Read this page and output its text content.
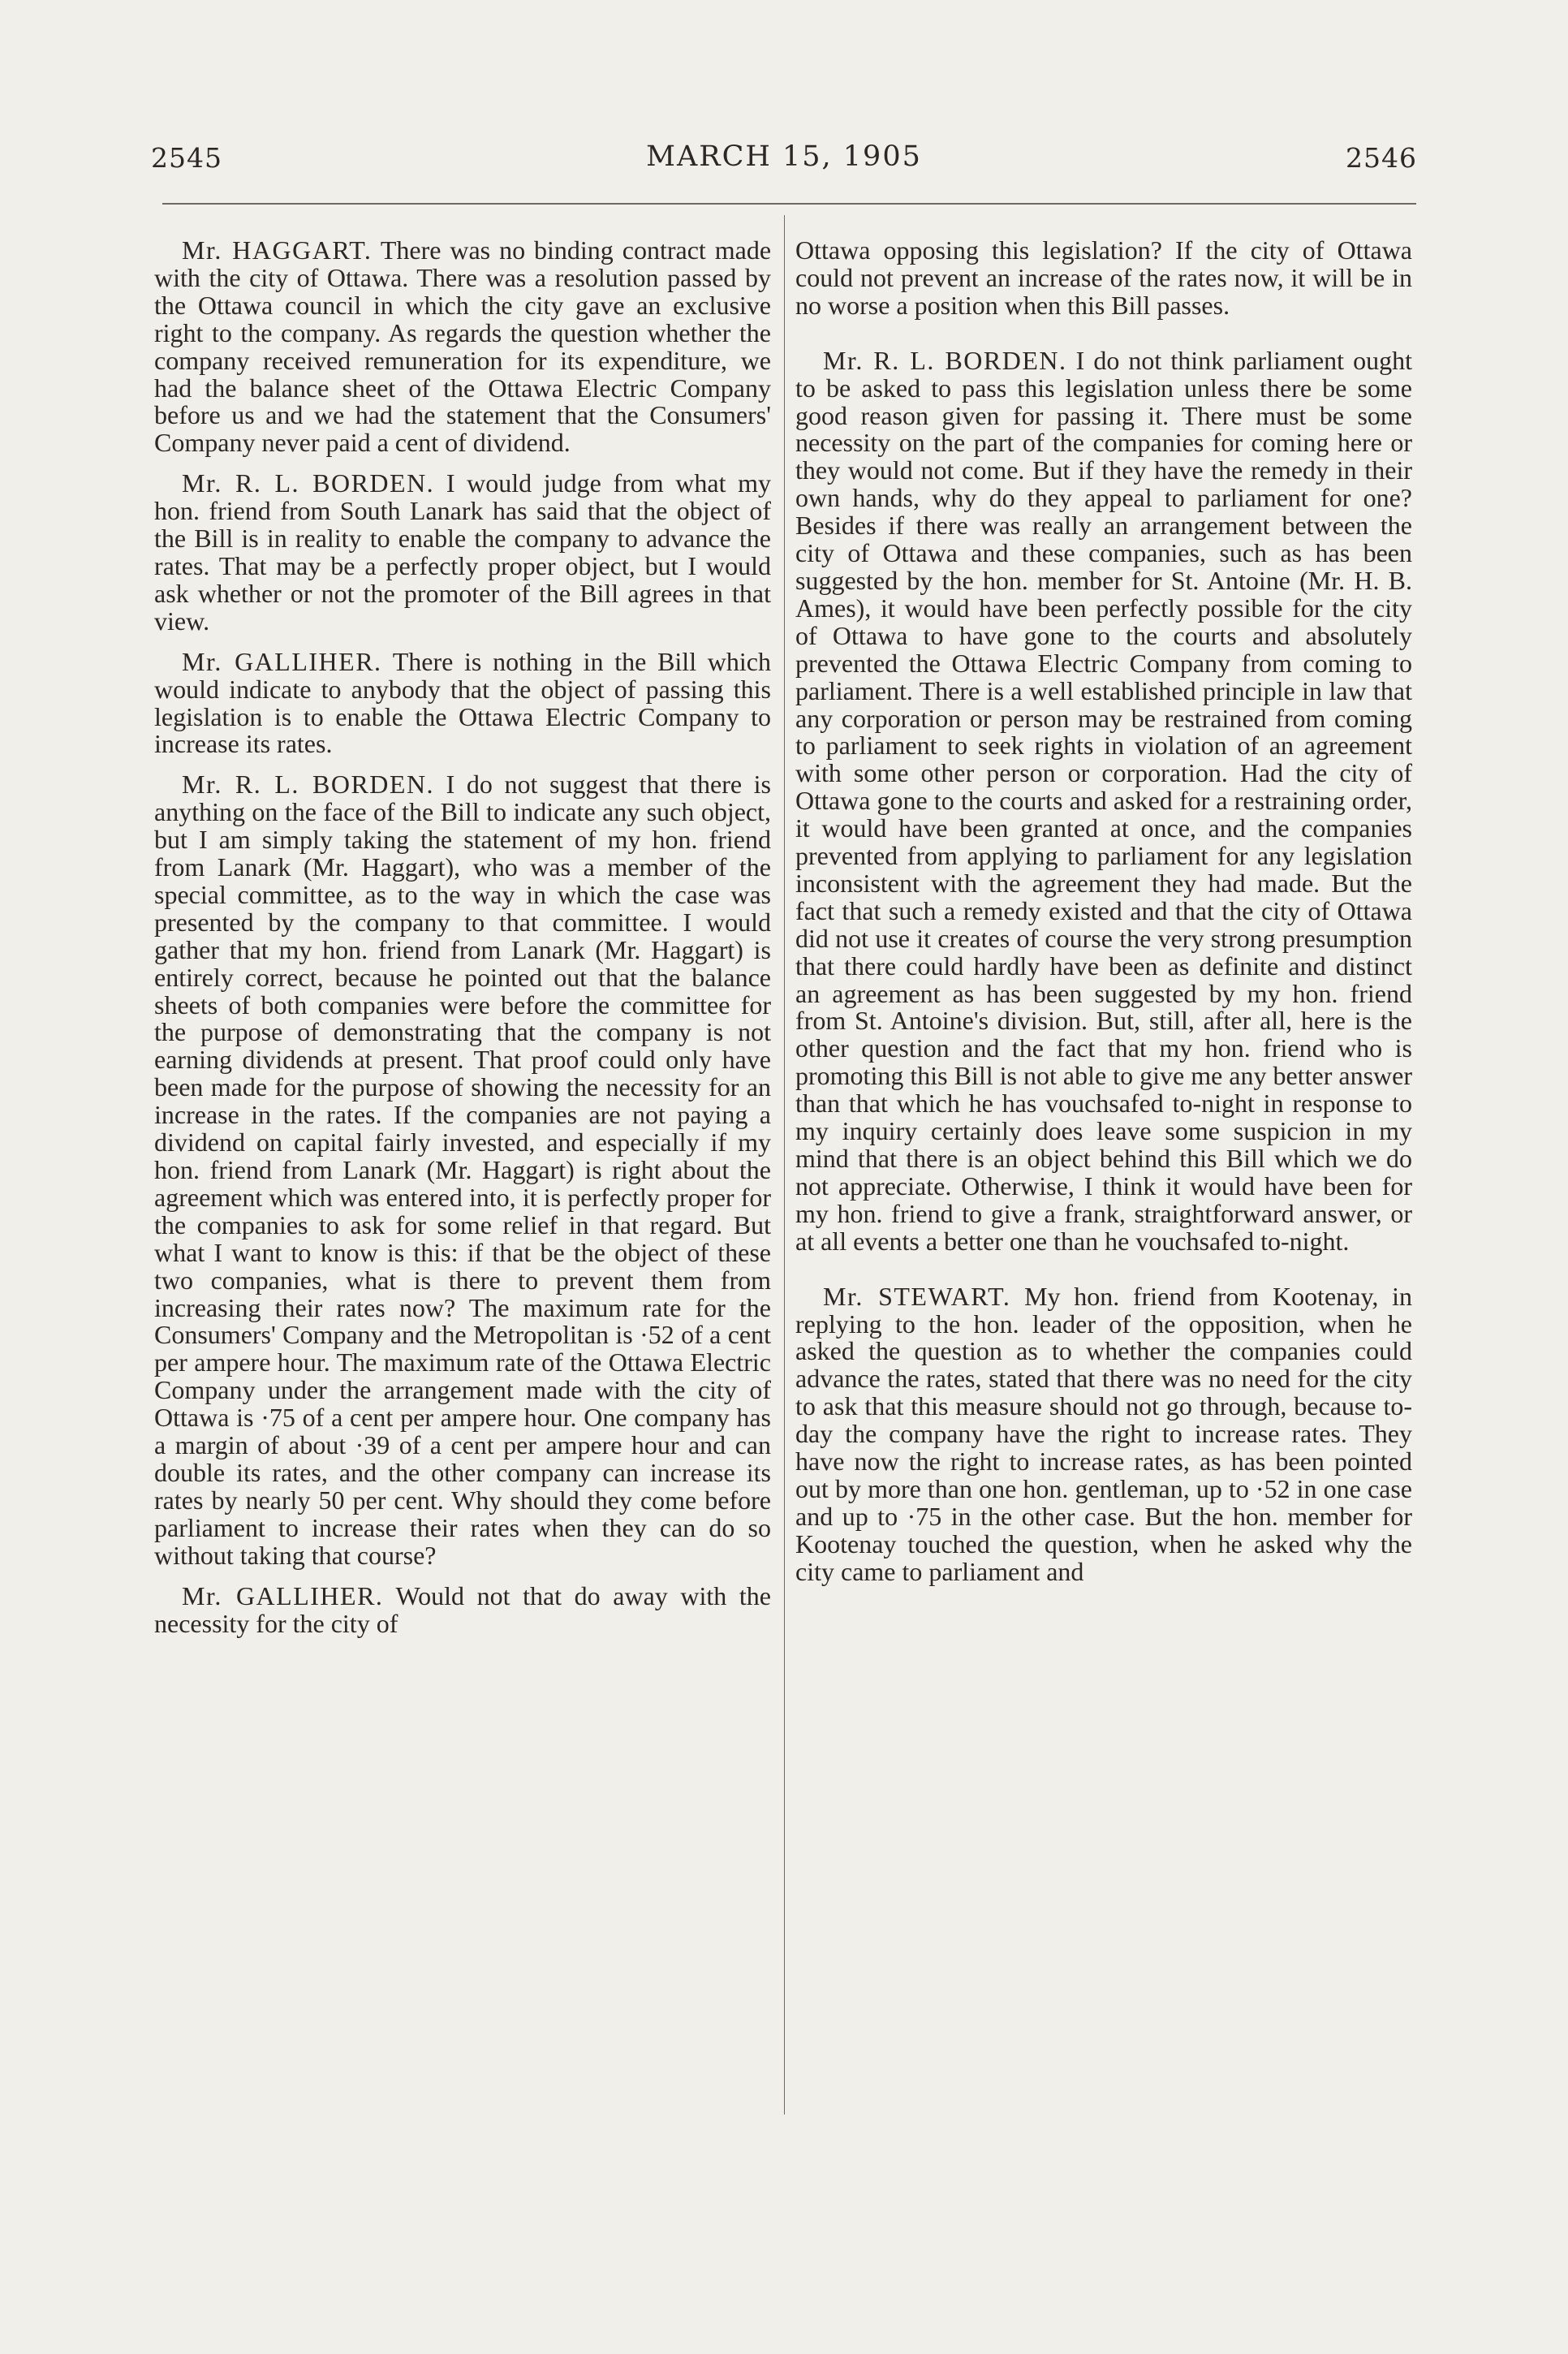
2545	MARCH 15, 1905	2546

Mr. HAGGART. There was no binding contract made with the city of Ottawa. There was a resolution passed by the Ottawa council in which the city gave an exclusive right to the company. As regards the question whether the company received remuneration for its expenditure, we had the balance sheet of the Ottawa Electric Company before us and we had the statement that the Consumers' Company never paid a cent of dividend.

Mr. R. L. BORDEN. I would judge from what my hon. friend from South Lanark has said that the object of the Bill is in reality to enable the company to advance the rates. That may be a perfectly proper object, but I would ask whether or not the promoter of the Bill agrees in that view.

Mr. GALLIHER. There is nothing in the Bill which would indicate to anybody that the object of passing this legislation is to enable the Ottawa Electric Company to increase its rates.

Mr. R. L. BORDEN. I do not suggest that there is anything on the face of the Bill to indicate any such object, but I am simply taking the statement of my hon. friend from Lanark (Mr. Haggart), who was a member of the special committee, as to the way in which the case was presented by the company to that committee. I would gather that my hon. friend from Lanark (Mr. Haggart) is entirely correct, because he pointed out that the balance sheets of both companies were before the committee for the purpose of demonstrating that the company is not earning dividends at present. That proof could only have been made for the purpose of showing the necessity for an increase in the rates. If the companies are not paying a dividend on capital fairly invested, and especially if my hon. friend from Lanark (Mr. Haggart) is right about the agreement which was entered into, it is perfectly proper for the companies to ask for some relief in that regard. But what I want to know is this: if that be the object of these two companies, what is there to prevent them from increasing their rates now? The maximum rate for the Consumers' Company and the Metropolitan is ·52 of a cent per ampere hour. The maximum rate of the Ottawa Electric Company under the arrangement made with the city of Ottawa is ·75 of a cent per ampere hour. One company has a margin of about ·39 of a cent per ampere hour and can double its rates, and the other company can increase its rates by nearly 50 per cent. Why should they come before parliament to increase their rates when they can do so without taking that course?

Mr. GALLIHER. Would not that do away with the necessity for the city of

Ottawa opposing this legislation? If the city of Ottawa could not prevent an increase of the rates now, it will be in no worse a position when this Bill passes.

Mr. R. L. BORDEN. I do not think parliament ought to be asked to pass this legislation unless there be some good reason given for passing it. There must be some necessity on the part of the companies for coming here or they would not come. But if they have the remedy in their own hands, why do they appeal to parliament for one? Besides if there was really an arrangement between the city of Ottawa and these companies, such as has been suggested by the hon. member for St. Antoine (Mr. H. B. Ames), it would have been perfectly possible for the city of Ottawa to have gone to the courts and absolutely prevented the Ottawa Electric Company from coming to parliament. There is a well established principle in law that any corporation or person may be restrained from coming to parliament to seek rights in violation of an agreement with some other person or corporation. Had the city of Ottawa gone to the courts and asked for a restraining order, it would have been granted at once, and the companies prevented from applying to parliament for any legislation inconsistent with the agreement they had made. But the fact that such a remedy existed and that the city of Ottawa did not use it creates of course the very strong presumption that there could hardly have been as definite and distinct an agreement as has been suggested by my hon. friend from St. Antoine's division. But, still, after all, here is the other question and the fact that my hon. friend who is promoting this Bill is not able to give me any better answer than that which he has vouchsafed to-night in response to my inquiry certainly does leave some suspicion in my mind that there is an object behind this Bill which we do not appreciate. Otherwise, I think it would have been for my hon. friend to give a frank, straightforward answer, or at all events a better one than he vouchsafed to-night.

Mr. STEWART. My hon. friend from Kootenay, in replying to the hon. leader of the opposition, when he asked the question as to whether the companies could advance the rates, stated that there was no need for the city to ask that this measure should not go through, because to-day the company have the right to increase rates. They have now the right to increase rates, as has been pointed out by more than one hon. gentleman, up to ·52 in one case and up to ·75 in the other case. But the hon. member for Kootenay touched the question, when he asked why the city came to parliament and
